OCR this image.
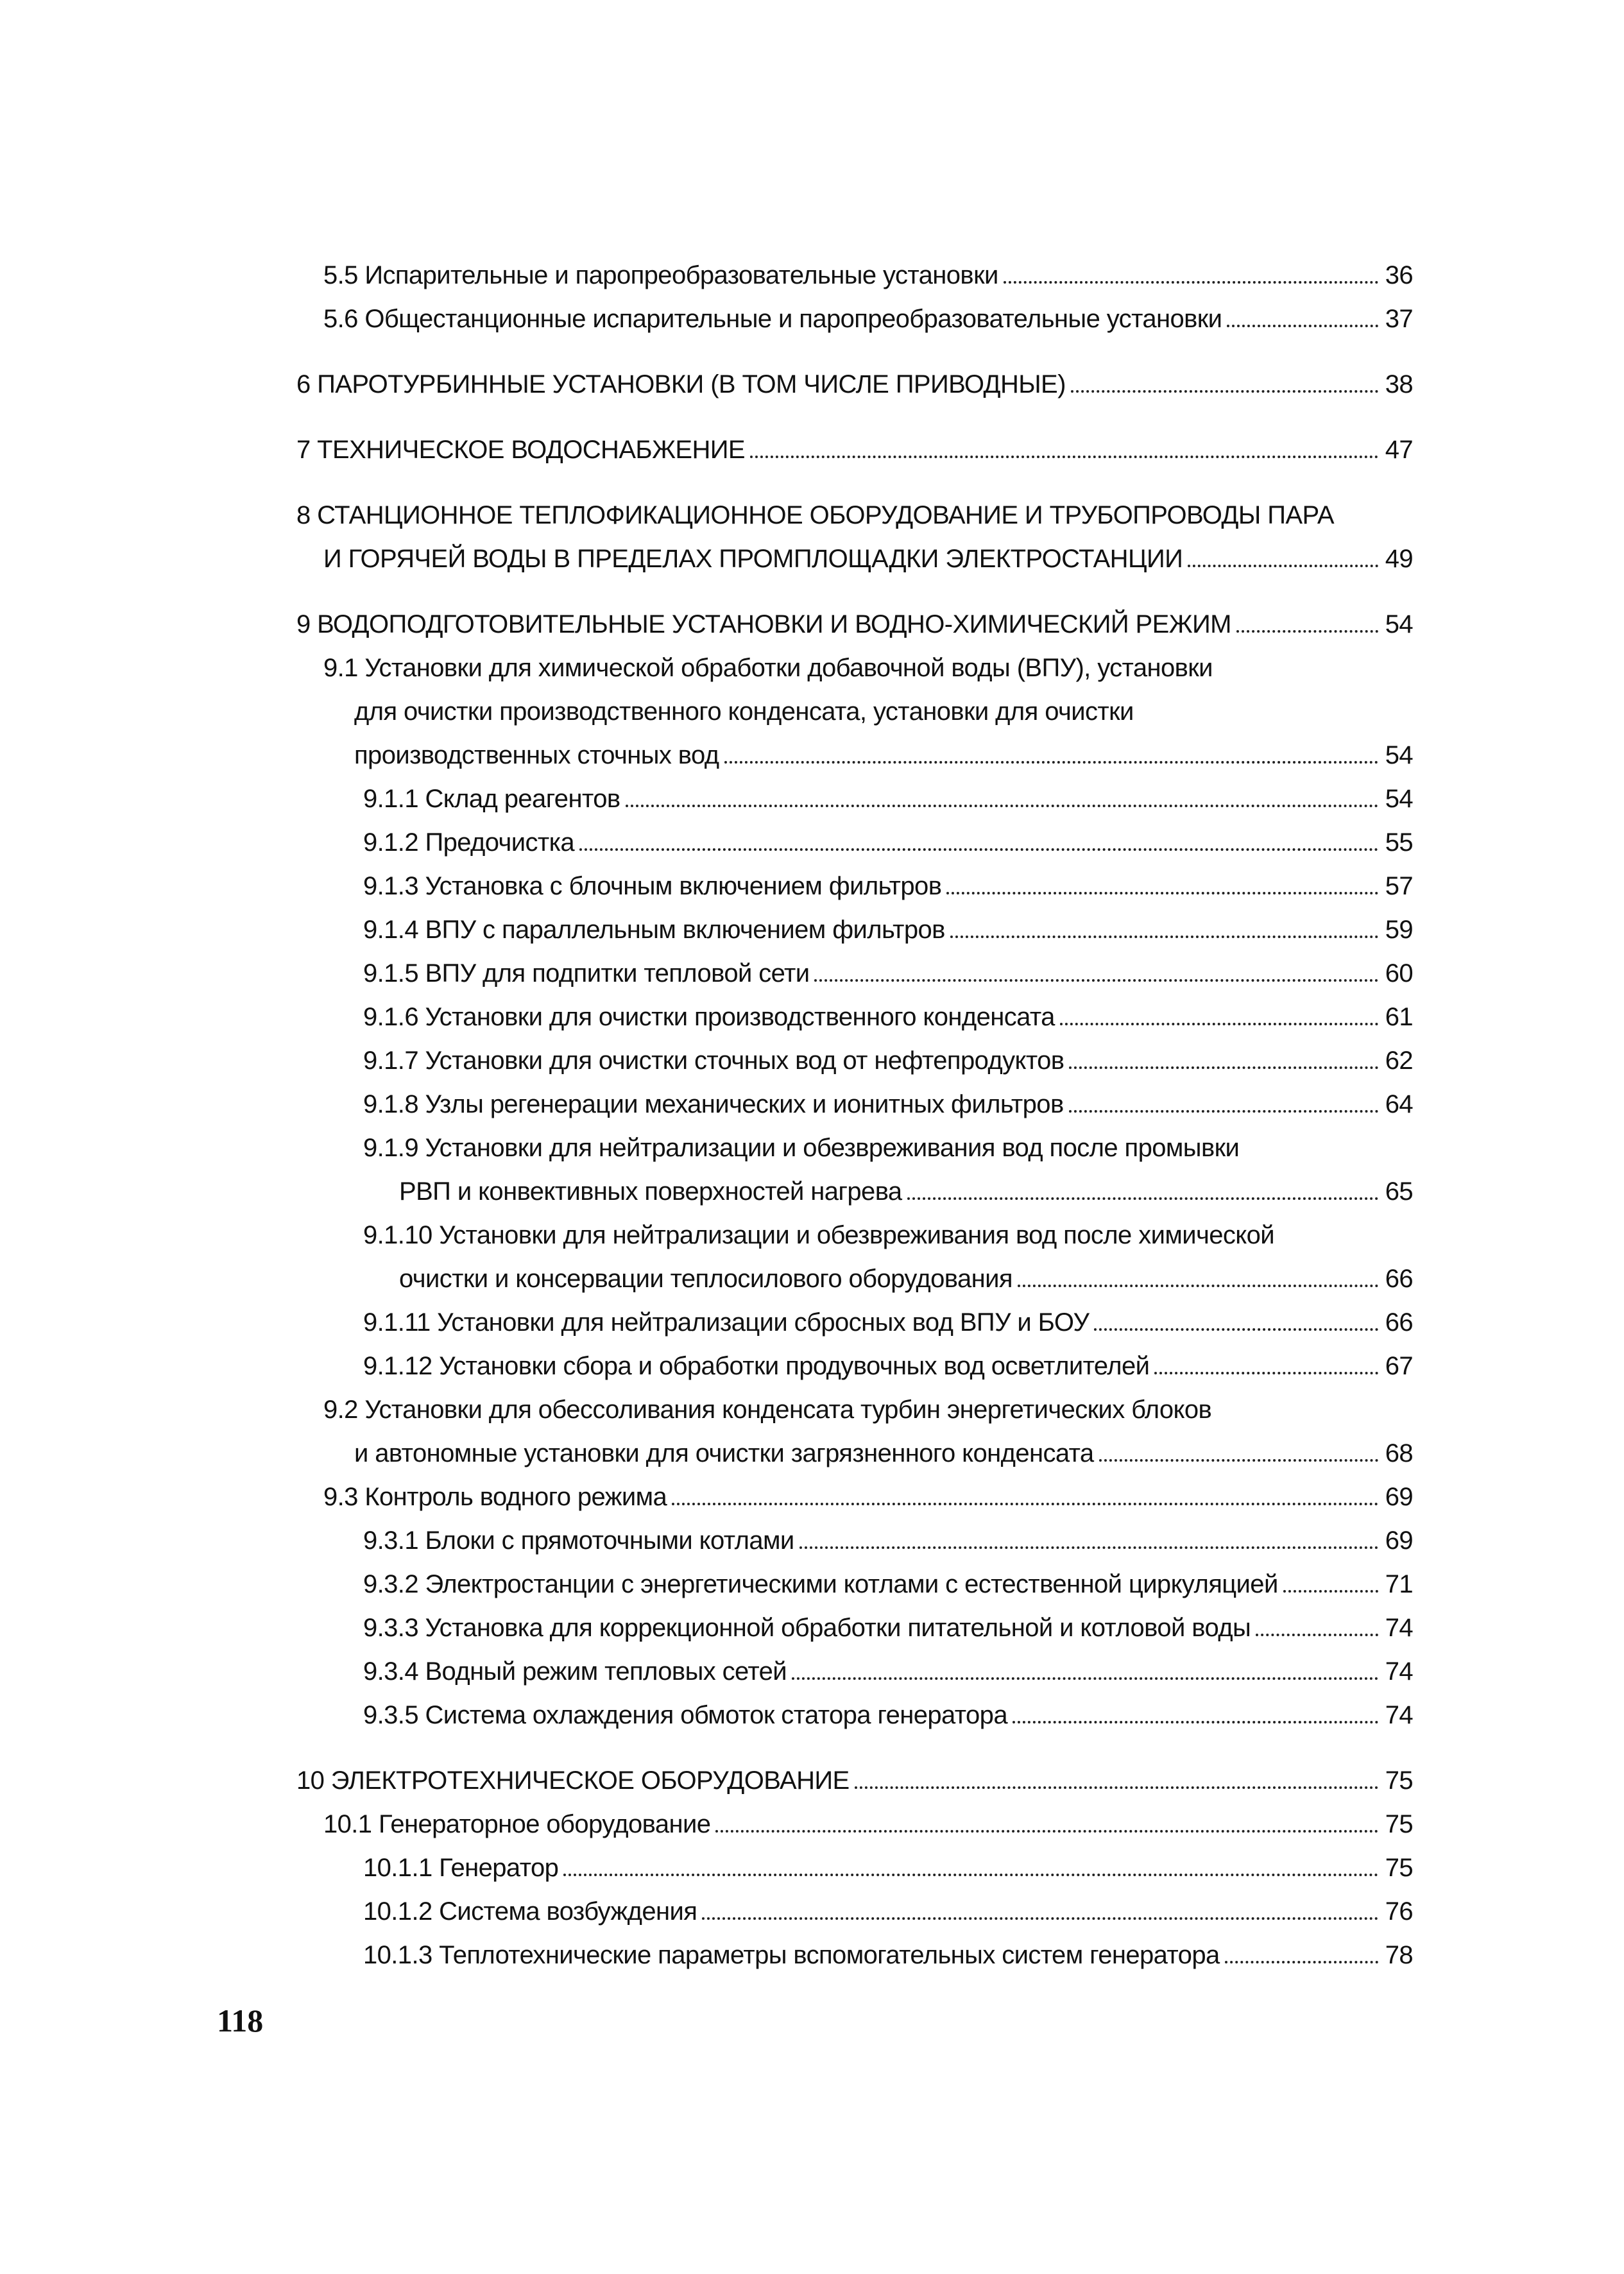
5.5 Испарительные и паропреобразовательные установки	36
5.6 Общестанционные испарительные и паропреобразовательные установки	37
6 ПАРОТУРБИННЫЕ УСТАНОВКИ (В ТОМ ЧИСЛЕ ПРИВОДНЫЕ)	38
7 ТЕХНИЧЕСКОЕ ВОДОСНАБЖЕНИЕ	47
8 СТАНЦИОННОЕ ТЕПЛОФИКАЦИОННОЕ ОБОРУДОВАНИЕ И ТРУБОПРОВОДЫ ПАРА
И ГОРЯЧЕЙ ВОДЫ В ПРЕДЕЛАХ ПРОМПЛОЩАДКИ ЭЛЕКТРОСТАНЦИИ	49
9 ВОДОПОДГОТОВИТЕЛЬНЫЕ УСТАНОВКИ И ВОДНО-ХИМИЧЕСКИЙ РЕЖИМ	54
9.1 Установки для химической обработки добавочной воды (ВПУ), установки
для очистки производственного конденсата, установки для очистки
производственных сточных вод	54
9.1.1 Склад реагентов	54
9.1.2 Предочистка	55
9.1.3 Установка с блочным включением фильтров	57
9.1.4 ВПУ с параллельным включением фильтров	59
9.1.5 ВПУ для подпитки тепловой сети	60
9.1.6 Установки для очистки производственного конденсата	61
9.1.7 Установки для очистки сточных вод от нефтепродуктов	62
9.1.8 Узлы регенерации механических и ионитных фильтров	64
9.1.9 Установки для нейтрализации и обезвреживания вод после промывки
РВП и конвективных поверхностей нагрева	65
9.1.10 Установки для нейтрализации и обезвреживания вод после химической
очистки и консервации теплосилового оборудования	66
9.1.11 Установки для нейтрализации сбросных вод ВПУ и БОУ	66
9.1.12 Установки сбора и обработки продувочных вод осветлителей	67
9.2 Установки для обессоливания конденсата турбин энергетических блоков
и автономные установки для очистки загрязненного конденсата	68
9.3 Контроль водного режима	69
9.3.1 Блоки с прямоточными котлами	69
9.3.2 Электростанции с энергетическими котлами с естественной циркуляцией	71
9.3.3 Установка для коррекционной обработки питательной и котловой воды	74
9.3.4 Водный режим тепловых сетей	74
9.3.5 Система охлаждения обмоток статора генератора	74
10 ЭЛЕКТРОТЕХНИЧЕСКОЕ ОБОРУДОВАНИЕ	75
10.1 Генераторное оборудование	75
10.1.1 Генератор	75
10.1.2 Система возбуждения	76
10.1.3 Теплотехнические параметры вспомогательных систем генератора	78
118
